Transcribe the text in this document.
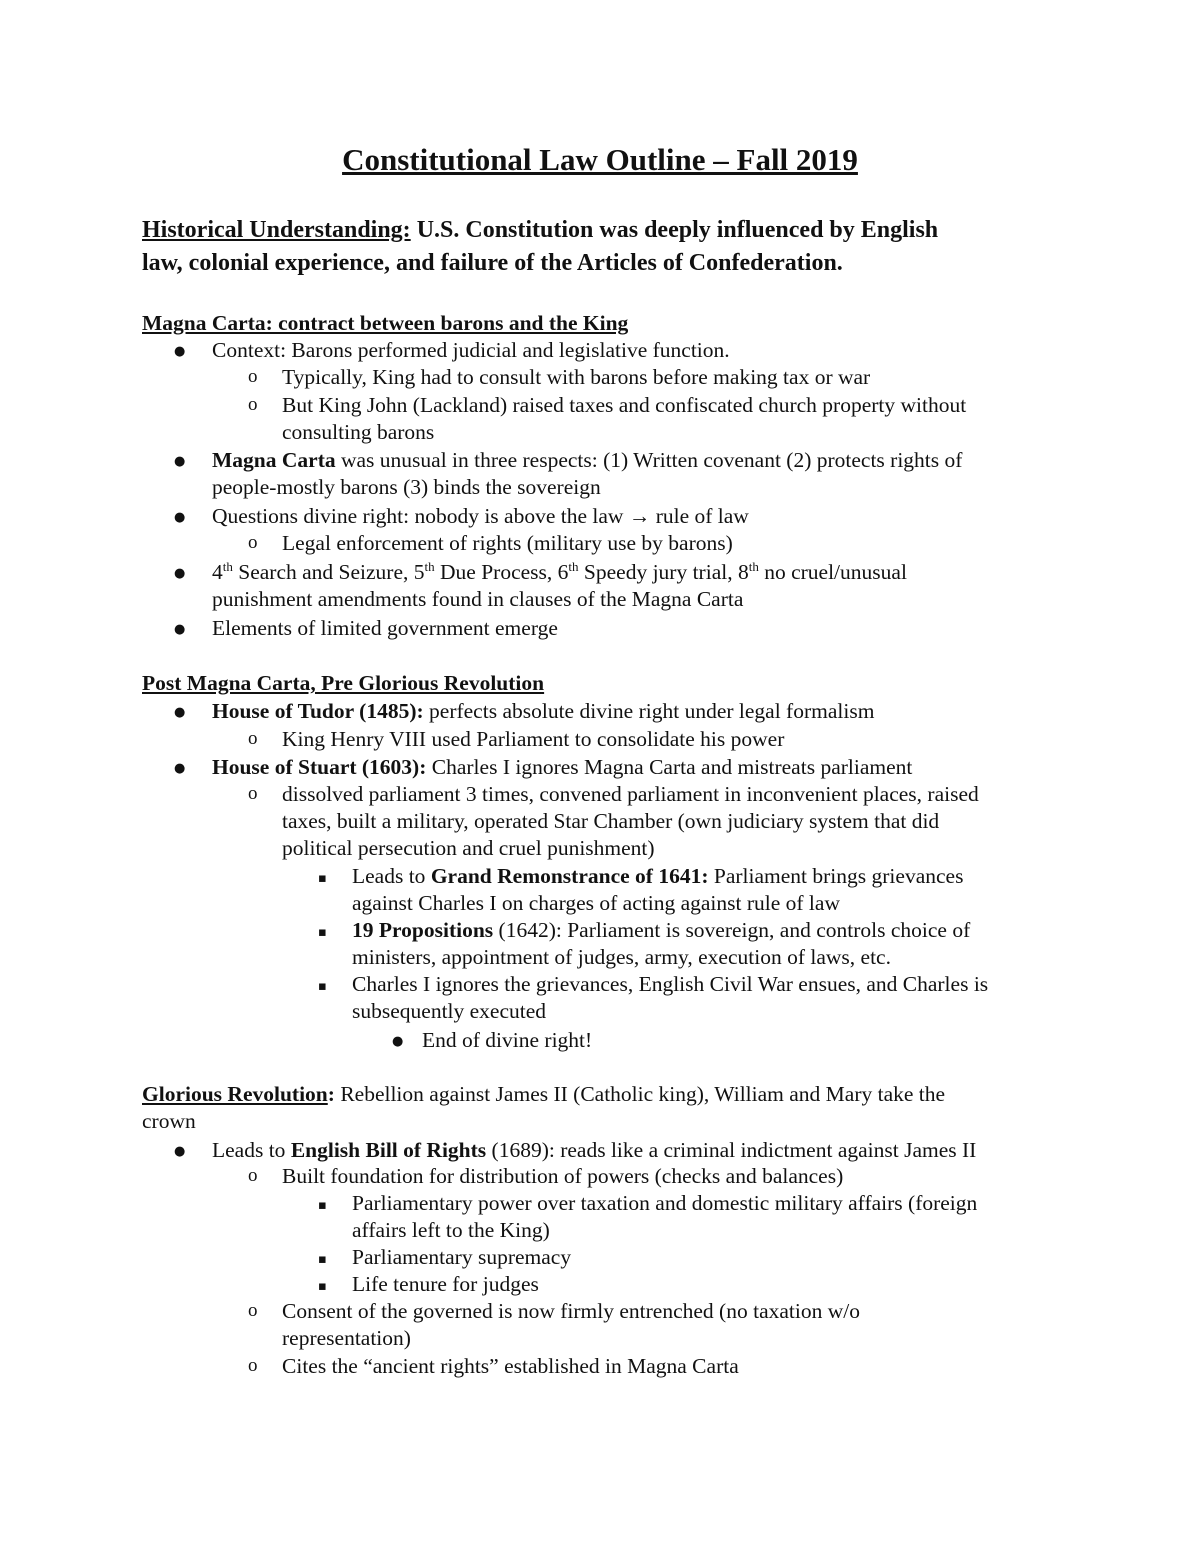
Constitutional Law Outline – Fall 2019
Historical Understanding: U.S. Constitution was deeply influenced by English
law, colonial experience, and failure of the Articles of Confederation.
Magna Carta: contract between barons and the King
● Context: Barons performed judicial and legislative function.
o Typically, King had to consult with barons before making tax or war
o But King John (Lackland) raised taxes and confiscated church property without
consulting barons
● Magna Carta was unusual in three respects: (1) Written covenant (2) protects rights of
people-mostly barons (3) binds the sovereign
● Questions divine right: nobody is above the law → rule of law
o Legal enforcement of rights (military use by barons)
● 4th Search and Seizure, 5th Due Process, 6th Speedy jury trial, 8th no cruel/unusual
punishment amendments found in clauses of the Magna Carta
● Elements of limited government emerge
Post Magna Carta, Pre Glorious Revolution
● House of Tudor (1485): perfects absolute divine right under legal formalism
o King Henry VIII used Parliament to consolidate his power
● House of Stuart (1603): Charles I ignores Magna Carta and mistreats parliament
o dissolved parliament 3 times, convened parliament in inconvenient places, raised
taxes, built a military, operated Star Chamber (own judiciary system that did
political persecution and cruel punishment)
▪ Leads to Grand Remonstrance of 1641: Parliament brings grievances
against Charles I on charges of acting against rule of law
▪ 19 Propositions (1642): Parliament is sovereign, and controls choice of
ministers, appointment of judges, army, execution of laws, etc.
▪ Charles I ignores the grievances, English Civil War ensues, and Charles is
subsequently executed
● End of divine right!
Glorious Revolution: Rebellion against James II (Catholic king), William and Mary take the
crown
● Leads to English Bill of Rights (1689): reads like a criminal indictment against James II
o Built foundation for distribution of powers (checks and balances)
▪ Parliamentary power over taxation and domestic military affairs (foreign
affairs left to the King)
▪ Parliamentary supremacy
▪ Life tenure for judges
o Consent of the governed is now firmly entrenched (no taxation w/o
representation)
o Cites the “ancient rights” established in Magna Carta
